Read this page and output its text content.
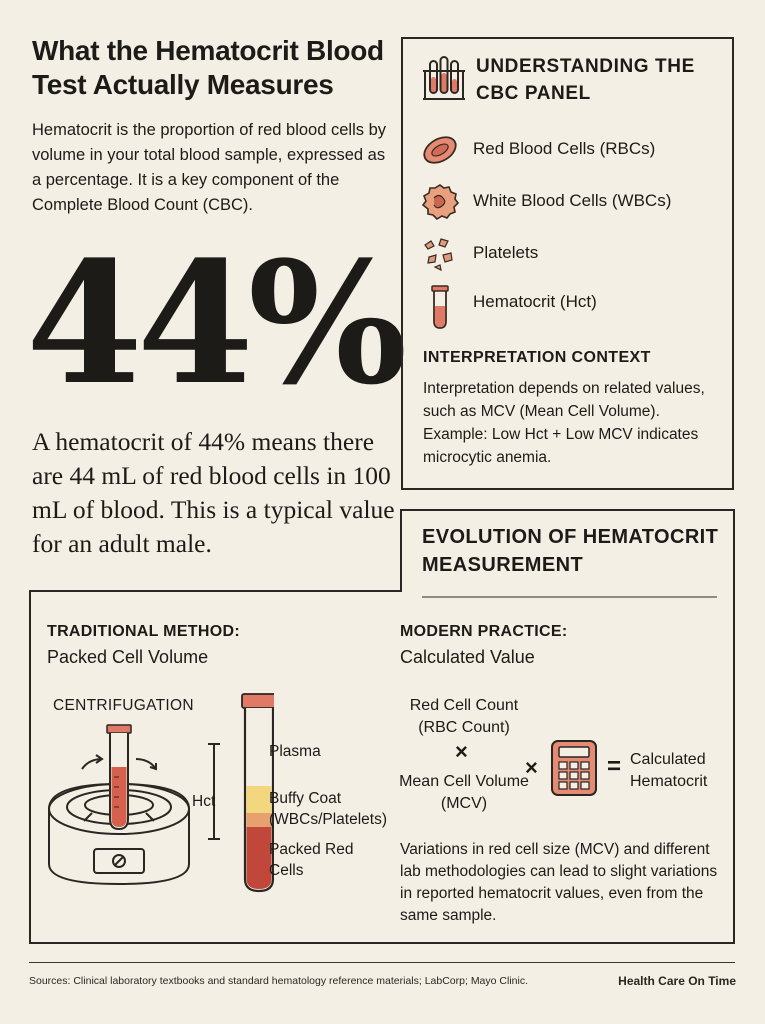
What the Hematocrit Blood Test Actually Measures
Hematocrit is the proportion of red blood cells by volume in your total blood sample, expressed as a percentage. It is a key component of the Complete Blood Count (CBC).
44%
A hematocrit of 44% means there are 44 mL of red blood cells in 100 mL of blood. This is a typical value for an adult male.
UNDERSTANDING THE CBC PANEL
Red Blood Cells (RBCs)
White Blood Cells (WBCs)
Platelets
Hematocrit (Hct)
INTERPRETATION CONTEXT
Interpretation depends on related values, such as MCV (Mean Cell Volume). Example: Low Hct + Low MCV indicates microcytic anemia.
EVOLUTION OF HEMATOCRIT MEASUREMENT
TRADITIONAL METHOD:
Packed Cell Volume
CENTRIFUGATION
Hct
Plasma
Buffy Coat (WBCs/Platelets)
Packed Red Cells
MODERN PRACTICE:
Calculated Value
Red Cell Count (RBC Count)
×
Mean Cell Volume (MCV)
×	= Calculated Hematocrit
Variations in red cell size (MCV) and different lab methodologies can lead to slight variations in reported hematocrit values, even from the same sample.
Sources: Clinical laboratory textbooks and standard hematology reference materials; LabCorp; Mayo Clinic.	Health Care On Time
